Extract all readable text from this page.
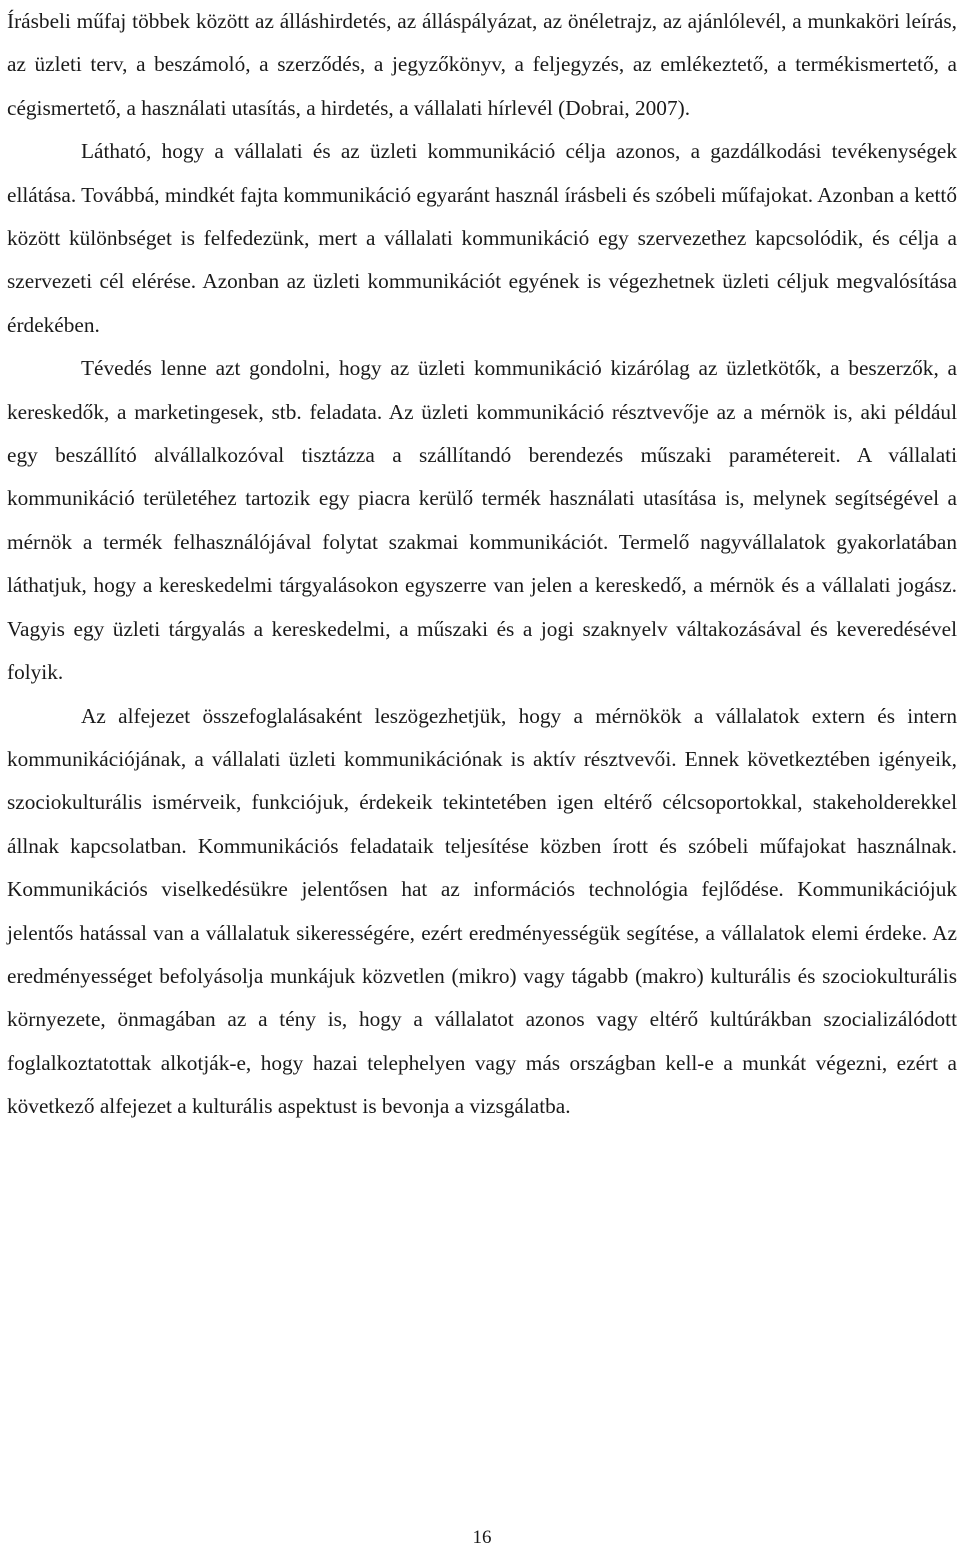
Írásbeli műfaj többek között az álláshirdetés, az álláspályázat, az önéletrajz, az ajánlólevél, a munkaköri leírás, az üzleti terv, a beszámoló, a szerződés, a jegyzőkönyv, a feljegyzés, az emlékeztető, a termékismertető, a cégismertető, a használati utasítás, a hirdetés, a vállalati hírlevél (Dobrai, 2007).

Látható, hogy a vállalati és az üzleti kommunikáció célja azonos, a gazdálkodási tevékenységek ellátása. Továbbá, mindkét fajta kommunikáció egyaránt használ írásbeli és szóbeli műfajokat. Azonban a kettő között különbséget is felfedezünk, mert a vállalati kommunikáció egy szervezethez kapcsolódik, és célja a szervezeti cél elérése. Azonban az üzleti kommunikációt egyének is végezhetnek üzleti céljuk megvalósítása érdekében.

Tévedés lenne azt gondolni, hogy az üzleti kommunikáció kizárólag az üzletkötők, a beszerzők, a kereskedők, a marketingesek, stb. feladata. Az üzleti kommunikáció résztvevője az a mérnök is, aki például egy beszállító alvállalkozóval tisztázza a szállítandó berendezés műszaki paramétereit. A vállalati kommunikáció területéhez tartozik egy piacra kerülő termék használati utasítása is, melynek segítségével a mérnök a termék felhasználójával folytat szakmai kommunikációt. Termelő nagyvállalatok gyakorlatában láthatjuk, hogy a kereskedelmi tárgyalásokon egyszerre van jelen a kereskedő, a mérnök és a vállalati jogász. Vagyis egy üzleti tárgyalás a kereskedelmi, a műszaki és a jogi szaknyelv váltakozásával és keveredésével folyik.

Az alfejezet összefoglalásaként leszögezhetjük, hogy a mérnökök a vállalatok extern és intern kommunikációjának, a vállalati üzleti kommunikációnak is aktív résztvevői. Ennek következtében igényeik, szociokulturális ismérveik, funkciójuk, érdekeik tekintetében igen eltérő célcsoportokkal, stakeholderekkel állnak kapcsolatban. Kommunikációs feladataik teljesítése közben írott és szóbeli műfajokat használnak. Kommunikációs viselkedésükre jelentősen hat az információs technológia fejlődése. Kommunikációjuk jelentős hatással van a vállalatuk sikerességére, ezért eredményességük segítése, a vállalatok elemi érdeke. Az eredményességet befolyásolja munkájuk közvetlen (mikro) vagy tágabb (makro) kulturális és szociokulturális környezete, önmagában az a tény is, hogy a vállalatot azonos vagy eltérő kultúrákban szocializálódott foglalkoztatottak alkotják-e, hogy hazai telephelyen vagy más országban kell-e a munkát végezni, ezért a következő alfejezet a kulturális aspektust is bevonja a vizsgálatba.

16
